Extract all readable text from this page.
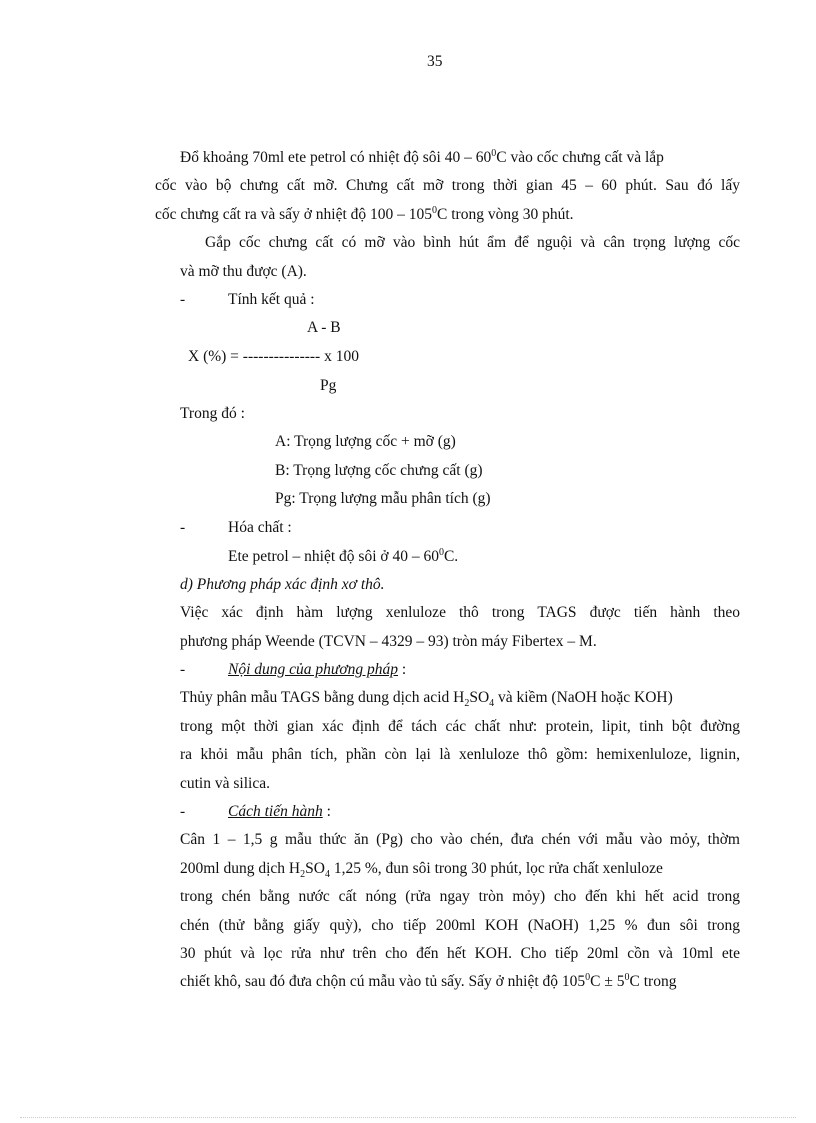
35
Đổ khoảng 70ml ete petrol có nhiệt độ sôi $40 - 60^0C$ vào cốc chưng cất và lắp
cốc vào bộ chưng cất mỡ. Chưng cất mỡ trong thời gian 45 – 60 phút. Sau đó lấy
cốc chưng cất ra và sấy ở nhiệt độ $100 - 105^0C$ trong vòng 30 phút.
Gắp cốc chưng cất có mỡ vào bình hút ẩm để nguội và cân trọng lượng cốc
và mỡ thu được (A).
-	Tính kết quả :
A - B
X (%) = --------------- x 100
Pg
Trong đó :
A: Trọng lượng cốc + mỡ (g)
B: Trọng lượng cốc chưng cất (g)
Pg: Trọng lượng mẫu phân tích (g)
-	Hóa chất :
Ete petrol – nhiệt độ sôi ở $40 - 60^0C$.
d) Phương pháp xác định xơ thô.
Việc xác định hàm lượng xenluloze thô trong TAGS được tiến hành theo
phương pháp Weende (TCVN – 4329 – 93) tròn máy Fibertex – M.
-	Nội dung của phương pháp :
Thủy phân mẫu TAGS bằng dung dịch acid $H_2SO_4$ và kiềm (NaOH hoặc KOH)
trong một thời gian xác định để tách các chất như: protein, lipit, tinh bột đường
ra khỏi mẫu phân tích, phần còn lại là xenluloze thô gồm: hemixenluloze, lignin,
cutin và silica.
-	Cách tiến hành :
Cân 1 – 1,5 g mẫu thức ăn (Pg) cho vào chén, đưa chén với mẫu vào mỏy, thờm
200ml dung dịch $H_2SO_4$ 1,25 %, đun sôi trong 30 phút, lọc rửa chất xenluloze
trong chén bằng nước cất nóng (rửa ngay tròn mỏy) cho đến khi hết acid trong
chén (thử bằng giấy quỳ), cho tiếp 200ml KOH (NaOH) 1,25 % đun sôi trong
30 phút và lọc rửa như trên cho đến hết KOH. Cho tiếp 20ml cồn và 10ml ete
chiết khô, sau đó đưa chộn cú mẫu vào tủ sấy. Sấy ở nhiệt độ $105^0C \pm 5^0C$ trong
